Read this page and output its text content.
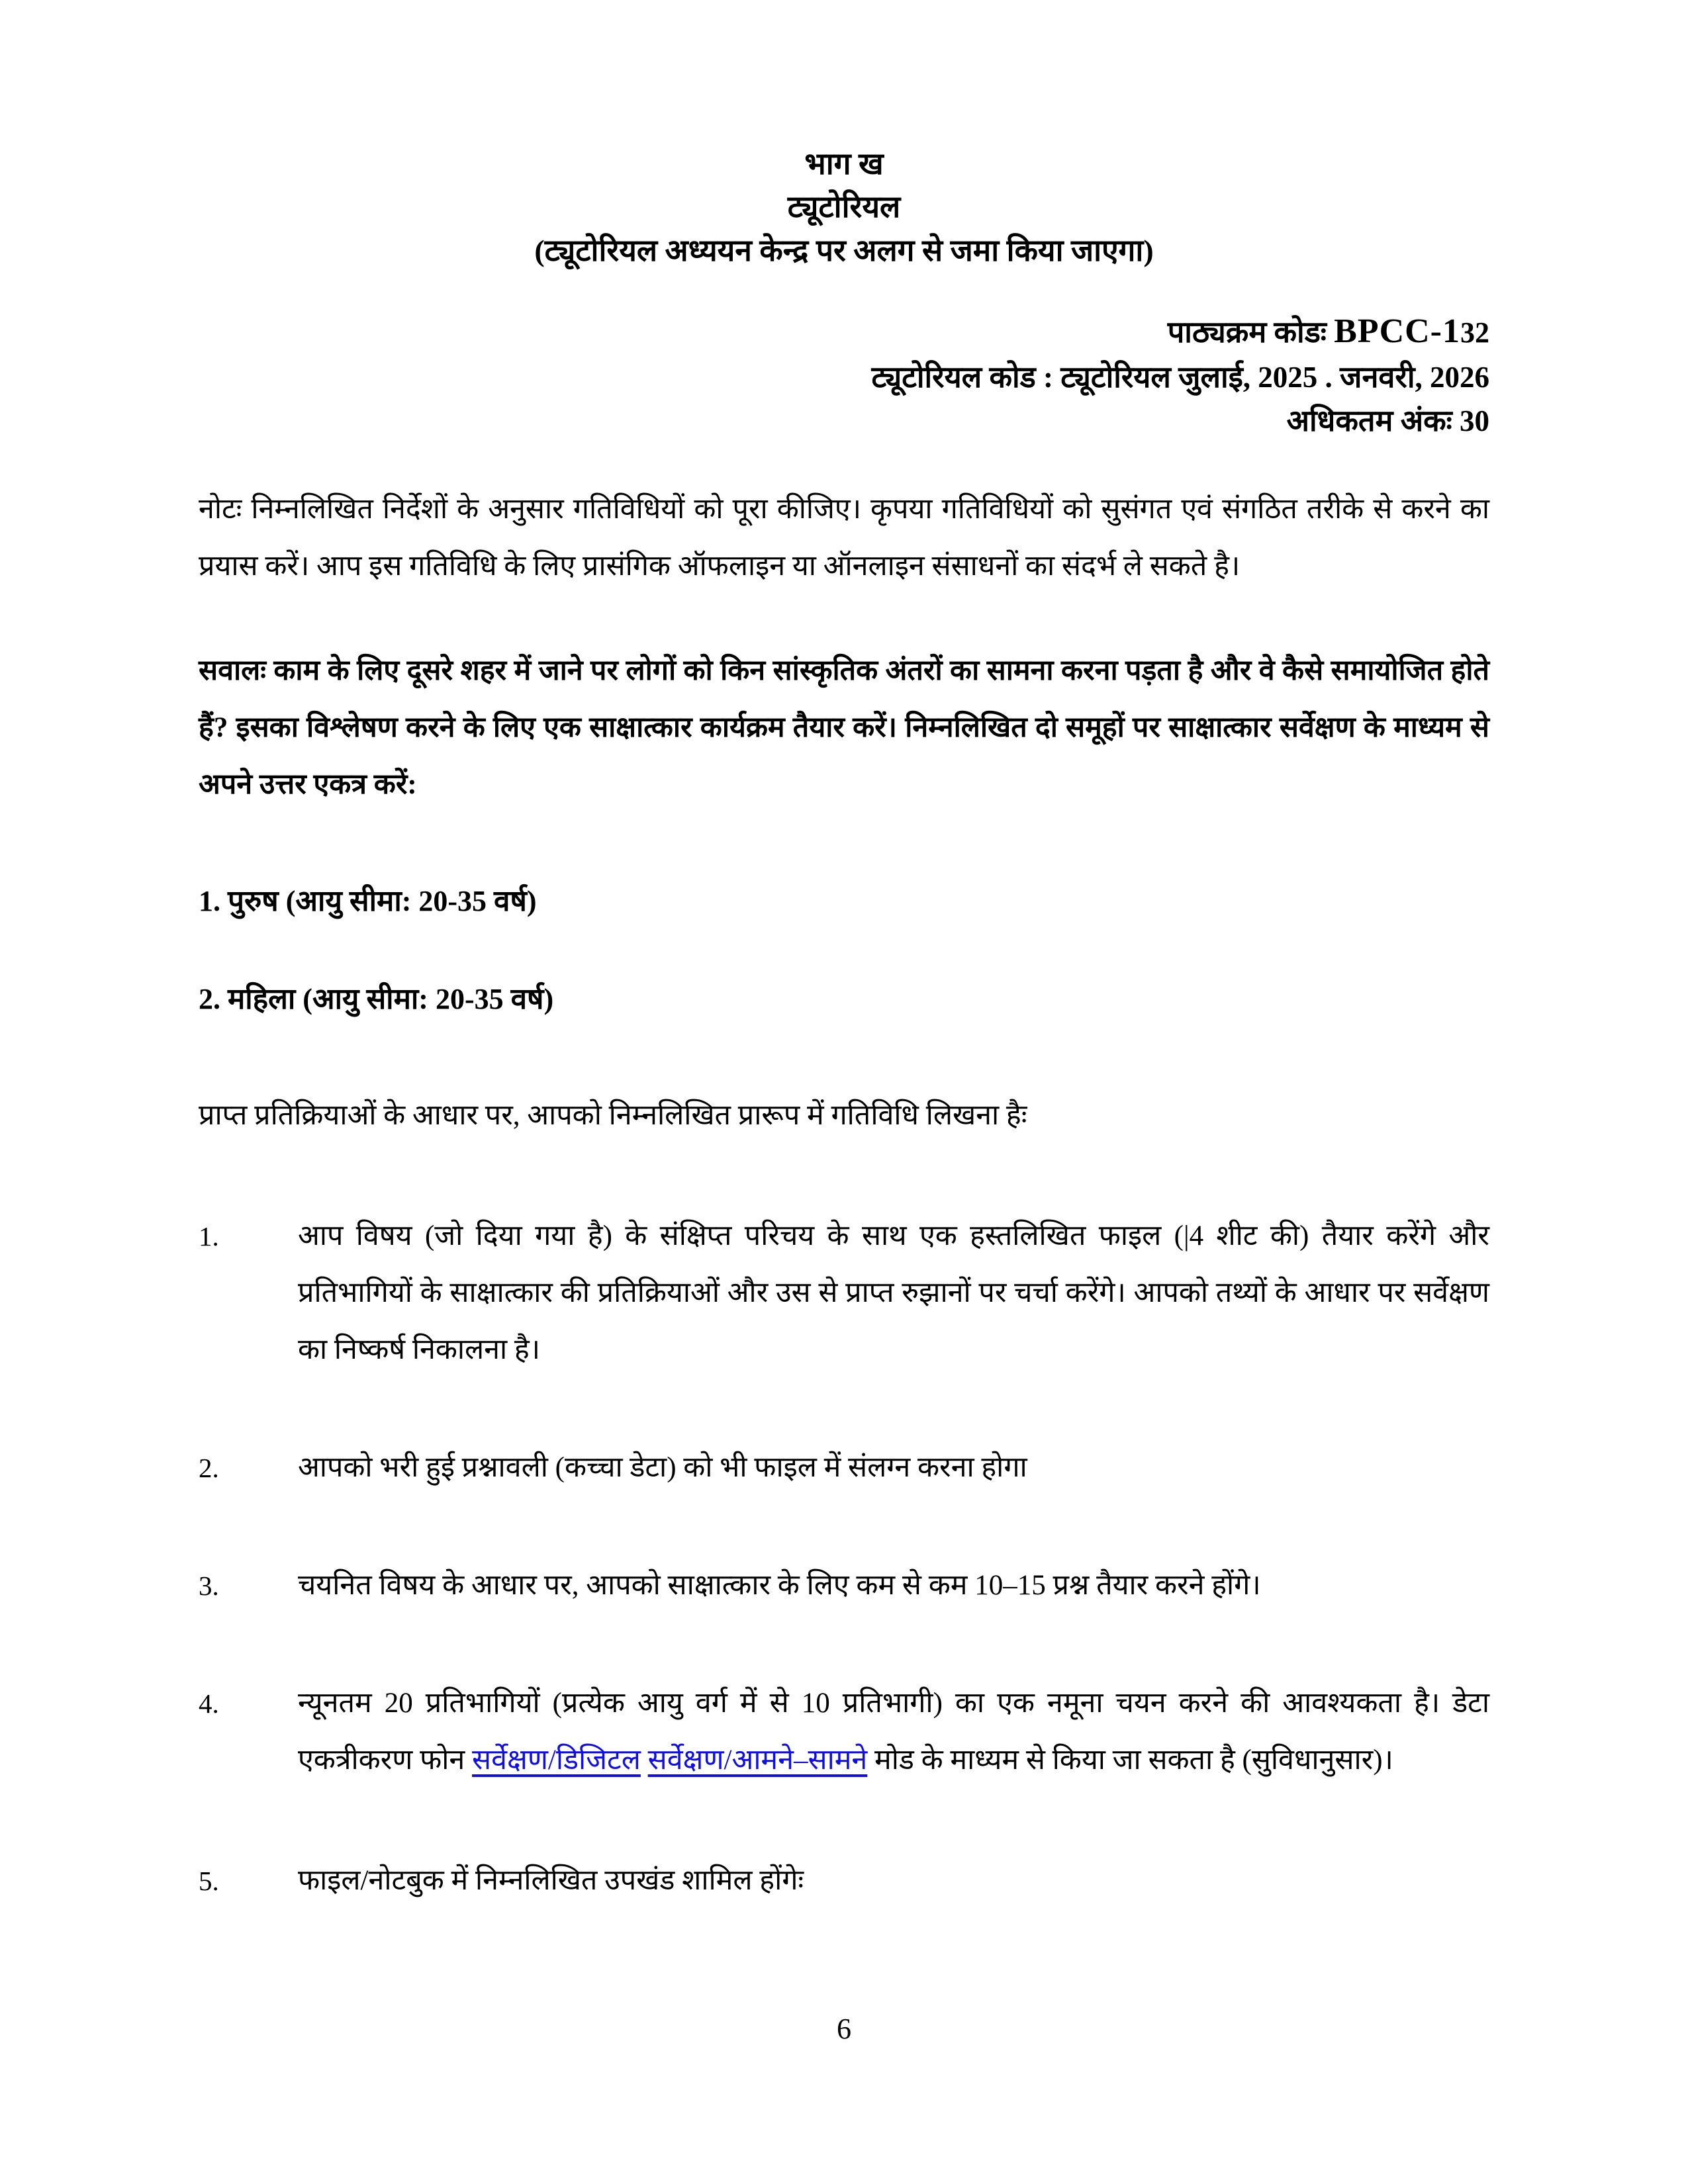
भाग ख
ट्यूटोरियल
(ट्यूटोरियल अध्ययन केन्द्र पर अलग से जमा किया जाएगा)
पाठ्यक्रम कोडः BPCC-132
ट्यूटोरियल कोड : ट्यूटोरियल जुलाई, 2025 . जनवरी, 2026
अधिकतम अंकः 30
नोटः निम्नलिखित निर्देशों के अनुसार गतिविधियों को पूरा कीजिए। कृपया गतिविधियों को सुसंगत एवं संगठित तरीके से करने का प्रयास करें। आप इस गतिविधि के लिए प्रासंगिक ऑफलाइन या ऑनलाइन संसाधनों का संदर्भ ले सकते है।
सवालः काम के लिए दूसरे शहर में जाने पर लोगों को किन सांस्कृतिक अंतरों का सामना करना पड़ता है और वे कैसे समायोजित होते हैं? इसका विश्लेषण करने के लिए एक साक्षात्कार कार्यक्रम तैयार करें। निम्नलिखित दो समूहों पर साक्षात्कार सर्वेक्षण के माध्यम से अपने उत्तर एकत्र करें:
1. पुरुष (आयु सीमा: 20-35 वर्ष)
2. महिला (आयु सीमा: 20-35 वर्ष)
प्राप्त प्रतिक्रियाओं के आधार पर, आपको निम्नलिखित प्रारूप में गतिविधि लिखना हैः
1.	आप विषय (जो दिया गया है) के संक्षिप्त परिचय के साथ एक हस्तलिखित फाइल (|4 शीट की) तैयार करेंगे और प्रतिभागियों के साक्षात्कार की प्रतिक्रियाओं और उस से प्राप्त रुझानों पर चर्चा करेंगे। आपको तथ्यों के आधार पर सर्वेक्षण का निष्कर्ष निकालना है।
2.	आपको भरी हुई प्रश्नावली (कच्चा डेटा) को भी फाइल में संलग्न करना होगा
3.	चयनित विषय के आधार पर, आपको साक्षात्कार के लिए कम से कम 10–15 प्रश्न तैयार करने होंगे।
4.	न्यूनतम 20 प्रतिभागियों (प्रत्येक आयु वर्ग में से 10 प्रतिभागी) का एक नमूना चयन करने की आवश्यकता है। डेटा एकत्रीकरण फोन सर्वेक्षण/डिजिटल सर्वेक्षण/आमने–सामने मोड के माध्यम से किया जा सकता है (सुविधानुसार)।
5.	फाइल/नोटबुक में निम्नलिखित उपखंड शामिल होंगेः
6
